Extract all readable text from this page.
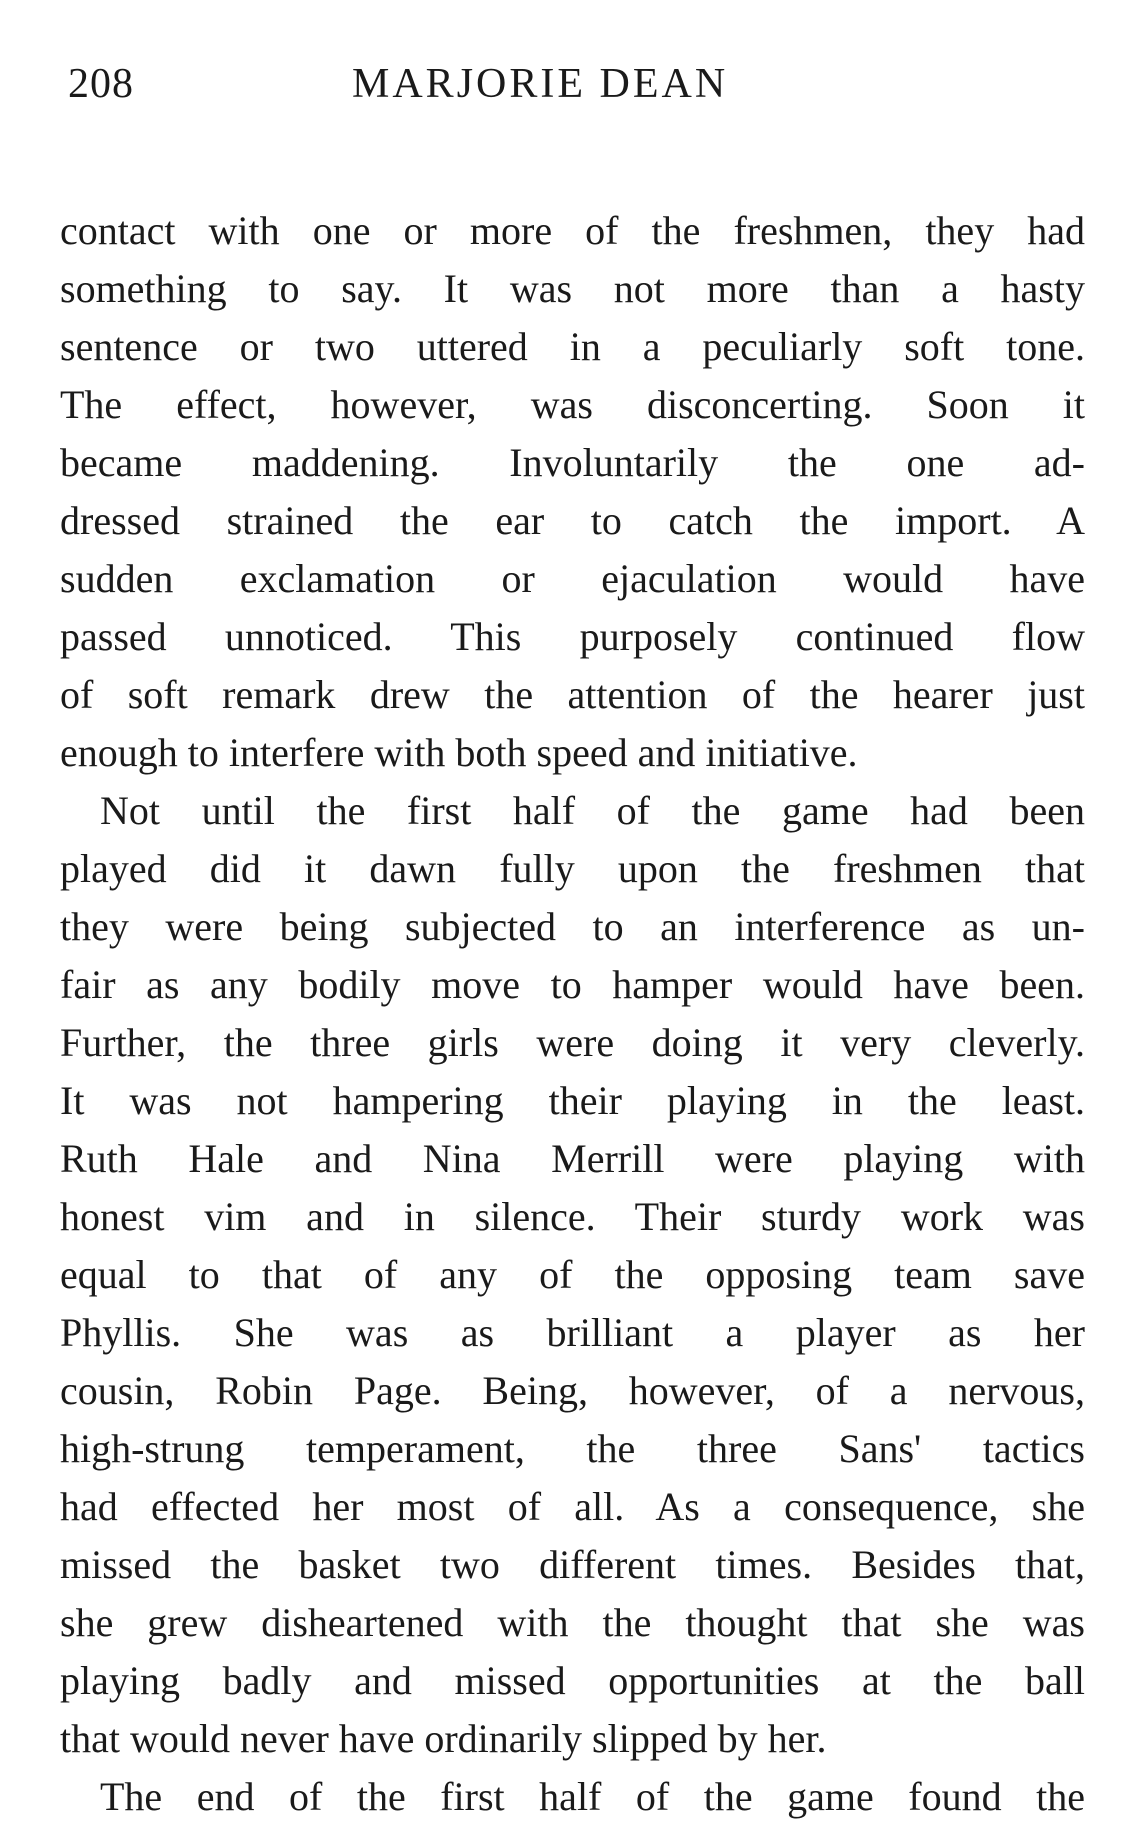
208	MARJORIE DEAN
contact with one or more of the freshmen, they had
something to say. It was not more than a hasty
sentence or two uttered in a peculiarly soft tone.
The effect, however, was disconcerting. Soon it
became maddening. Involuntarily the one ad-
dressed strained the ear to catch the import. A
sudden exclamation or ejaculation would have
passed unnoticed. This purposely continued flow
of soft remark drew the attention of the hearer just
enough to interfere with both speed and initiative.
Not until the first half of the game had been
played did it dawn fully upon the freshmen that
they were being subjected to an interference as un-
fair as any bodily move to hamper would have been.
Further, the three girls were doing it very cleverly.
It was not hampering their playing in the least.
Ruth Hale and Nina Merrill were playing with
honest vim and in silence. Their sturdy work was
equal to that of any of the opposing team save
Phyllis. She was as brilliant a player as her
cousin, Robin Page. Being, however, of a nervous,
high-strung temperament, the three Sans' tactics
had effected her most of all. As a consequence, she
missed the basket two different times. Besides that,
she grew disheartened with the thought that she was
playing badly and missed opportunities at the ball
that would never have ordinarily slipped by her.
The end of the first half of the game found the
